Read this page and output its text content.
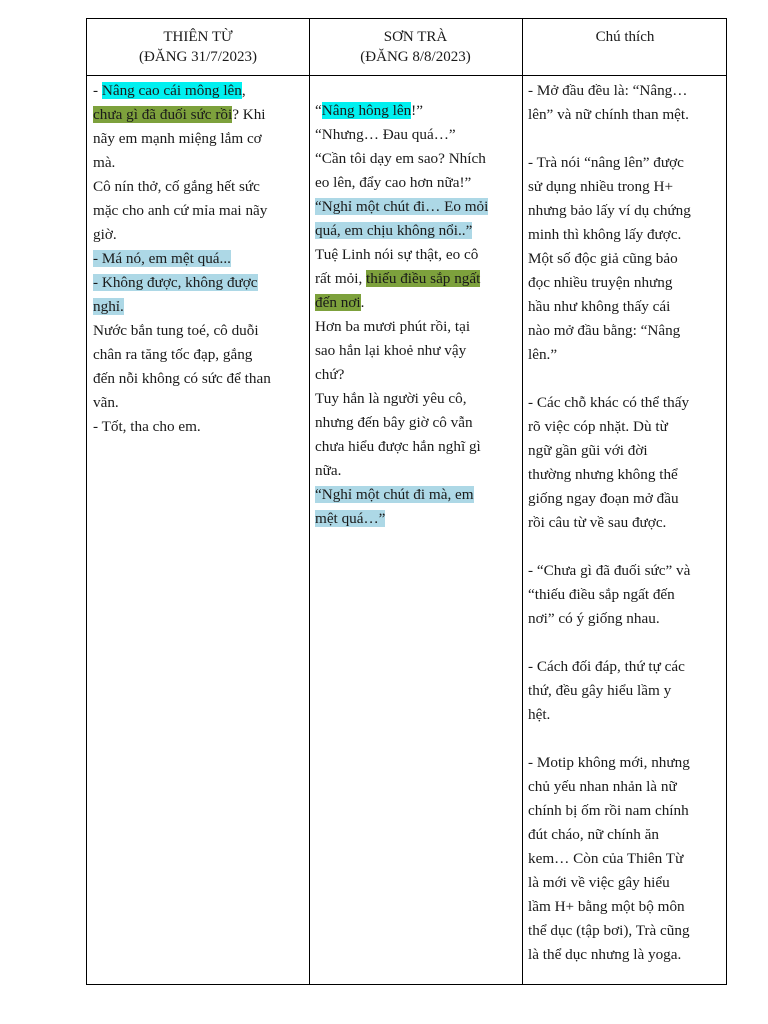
THIÊN TỪ
(ĐĂNG 31/7/2023)
SƠN TRÀ
(ĐĂNG 8/8/2023)
Chú thích

- Nâng cao cái mông lên,

chưa gì đã đuối sức rồi? Khi

nãy em mạnh miệng lắm cơ

mà.

Cô nín thở, cố gắng hết sức

mặc cho anh cứ mỉa mai nãy

giờ.

- Má nó, em mệt quá...

- Không được, không được

nghỉ.

Nước bắn tung toé, cô duỗi

chân ra tăng tốc đạp, gắng

đến nỗi không có sức để than

vãn.

- Tốt, tha cho em.

“Nâng hông lên!”

“Nhưng… Đau quá…”

“Cần tôi dạy em sao? Nhích

eo lên, đẩy cao hơn nữa!”

“Nghỉ một chút đi… Eo mỏi

quá, em chịu không nổi..”

Tuệ Linh nói sự thật, eo cô

rất mỏi, thiếu điều sắp ngất

đến nơi.

Hơn ba mươi phút rồi, tại

sao hắn lại khoẻ như vậy

chứ?

Tuy hắn là người yêu cô,

nhưng đến bây giờ cô vẫn

chưa hiểu được hắn nghĩ gì

nữa.

“Nghỉ một chút đi mà, em

mệt quá…”

- Mở đầu đều là: “Nâng…

lên” và nữ chính than mệt.

- Trà nói “nâng lên” được

sử dụng nhiều trong H+

nhưng bảo lấy ví dụ chứng

minh thì không lấy được.

Một số độc giả cũng bảo

đọc nhiều truyện nhưng

hầu như không thấy cái

nào mở đầu bằng: “Nâng

lên.”

- Các chỗ khác có thể thấy

rõ việc cóp nhặt. Dù từ

ngữ gần gũi với đời

thường nhưng không thể

giống ngay đoạn mở đầu

rồi câu từ về sau được.

- “Chưa gì đã đuối sức” và

“thiếu điều sắp ngất đến

nơi” có ý giống nhau.

- Cách đối đáp, thứ tự các

thứ, đều gây hiểu lầm y

hệt.

- Motip không mới, nhưng

chủ yếu nhan nhản là nữ

chính bị ốm rồi nam chính

đút cháo, nữ chính ăn

kem… Còn của Thiên Từ

là mới về việc gây hiểu

lầm H+ bằng một bộ môn

thể dục (tập bơi), Trà cũng

là thể dục nhưng là yoga.
